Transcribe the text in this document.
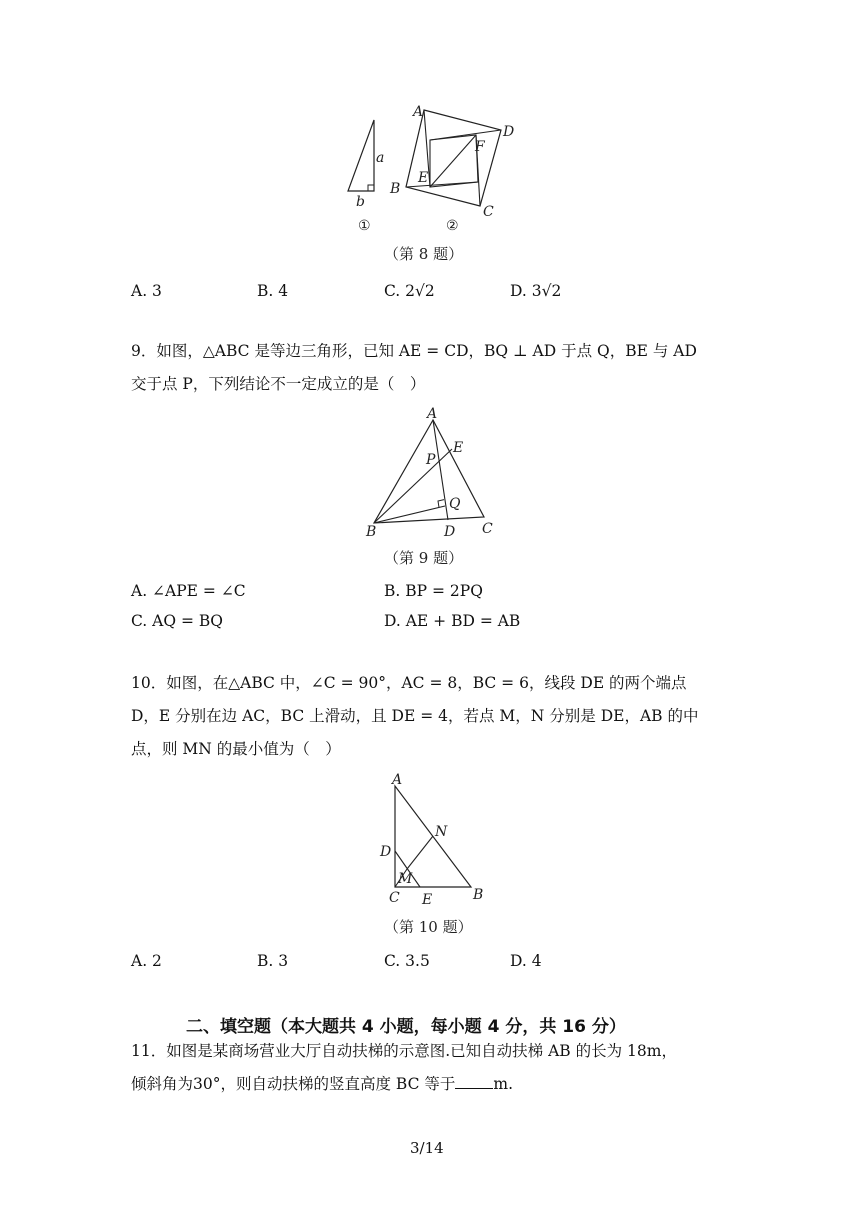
a
b
①
A
D
F
E
B
C
②
（第 8 题）
A. 3	B. 4	C. 2√2	D. 3√2
9．如图，△ABC 是等边三角形，已知 AE = CD，BQ ⊥ AD 于点 Q，BE 与 AD
交于点 P，下列结论不一定成立的是（　）
A
E
P
Q
B	D C
（第 9 题）
A. ∠APE = ∠C	B. BP = 2PQ
C. AQ = BQ	D. AE + BD = AB
10．如图，在△ABC 中，∠C = 90°，AC = 8，BC = 6，线段 DE 的两个端点
D，E 分别在边 AC，BC 上滑动，且 DE = 4，若点 M，N 分别是 DE，AB 的中
点，则 MN 的最小值为（　）
A
N
D
M
C E	B
（第 10 题）
A. 2	B. 3	C. 3.5	D. 4
二、填空题（本大题共 4 小题，每小题 4 分，共 16 分）
11．如图是某商场营业大厅自动扶梯的示意图.已知自动扶梯 AB 的长为 18m，
倾斜角为30°，则自动扶梯的竖直高度 BC 等于 m.
3/14
